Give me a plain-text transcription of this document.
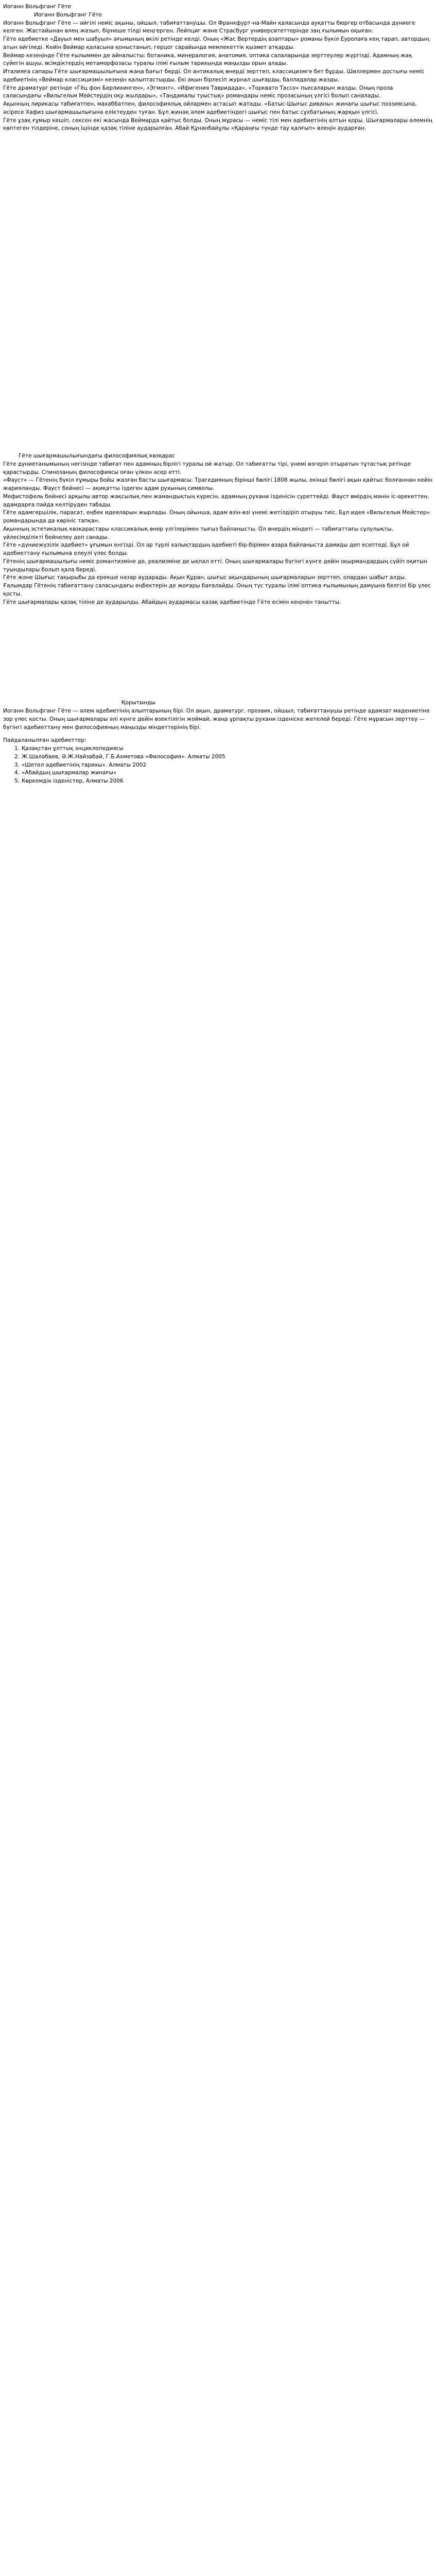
Иоганн Вольфганг Гёте
Иоганн Вольфганг Гёте
Иоганн Вольфганг Гёте — әйгілі неміс ақыны, ойшыл, табиғаттанушы. Ол Франкфурт-на-Майн қаласында ауқатты бюргер отбасында дүниеге келген. Жастайынан өлең жазып, бірнеше тілді меңгерген. Лейпциг және Страсбург университеттерінде заң ғылымын оқыған.
Гёте әдебиетке «Дауыл мен шабуыл» ағымының өкілі ретінде келді. Оның «Жас Вертердің азаптары» романы бүкіл Еуропаға кең тарап, автордың атын әйгіледі. Кейін Веймар қаласына қоныстанып, герцог сарайында мемлекеттік қызмет атқарды.
Веймар кезеңінде Гёте ғылыммен де айналысты: ботаника, минералогия, анатомия, оптика салаларында зерттеулер жүргізді. Адамның жақ сүйегін ашуы, өсімдіктердің метаморфозасы туралы ілімі ғылым тарихында маңызды орын алады.
Италияға сапары Гёте шығармашылығына жаңа бағыт берді. Ол антикалық өнерді зерттеп, классицизмге бет бұрды. Шиллермен достығы неміс әдебиетінің «Веймар классицизмі» кезеңін қалыптастырды. Екі ақын бірлесіп журнал шығарды, балладалар жазды.
Гёте драматург ретінде «Гёц фон Берлихинген», «Эгмонт», «Ифигения Тавридада», «Торквато Тассо» пьесаларын жазды. Оның проза саласындағы «Вильгельм Мейстердің оқу жылдары», «Таңдамалы туыстық» романдары неміс прозасының үлгісі болып саналады.
Ақынның лирикасы табиғатпен, махаббатпен, философиялық ойлармен астасып жатады. «Батыс-Шығыс диваны» жинағы шығыс поэзиясына, әсіресе Хафиз шығармашылығына еліктеуден туған. Бұл жинақ әлем әдебиетіндегі шығыс пен батыс сұхбатының жарқын үлгісі.
Гёте ұзақ ғұмыр кешіп, сексен екі жасында Веймарда қайтыс болды. Оның мұрасы — неміс тілі мен әдебиетінің алтын қоры. Шығармалары әлемнің көптеген тілдеріне, соның ішінде қазақ тіліне аударылған. Абай Құнанбайұлы «Қараңғы түнде тау қалғып» өлеңін аударған.
Гёте шығармашылығындағы философиялық көзқарас
Гёте дүниетанымының негізінде табиғат пен адамның бірлігі туралы ой жатыр. Ол табиғатты тірі, үнемі өзгеріп отыратын тұтастық ретінде қарастырды. Спинозаның философиясы оған үлкен әсер етті.
«Фауст» — Гётенің бүкіл ғұмыры бойы жазған басты шығармасы. Трагедияның бірінші бөлігі 1808 жылы, екінші бөлігі ақын қайтыс болғаннан кейін жарияланды. Фауст бейнесі — ақиқатты іздеген адам рухының символы.
Мефистофель бейнесі арқылы автор жақсылық пен жамандықтың күресін, адамның рухани ізденісін суреттейді. Фауст өмірдің мәнін іс-әрекеттен, адамдарға пайда келтіруден табады.
Гёте адамгершілік, парасат, еңбек идеяларын жырлады. Оның ойынша, адам өзін-өзі үнемі жетілдіріп отыруы тиіс. Бұл идея «Вильгельм Мейстер» романдарында да көрініс тапқан.
Ақынның эстетикалық көзқарастары классикалық өнер үлгілерімен тығыз байланысты. Ол өнердің міндеті — табиғаттағы сұлулықты, үйлесімділікті бейнелеу деп санады.
Гёте «дүниежүзілік әдебиет» ұғымын енгізді. Ол әр түрлі халықтардың әдебиеті бір-бірімен өзара байланыста дамиды деп есептеді. Бұл ой әдебиеттану ғылымына елеулі үлес болды.
Гётенің шығармашылығы неміс романтизміне де, реализміне де ықпал етті. Оның шығармалары бүгінгі күнге дейін оқырмандардың сүйіп оқитын туындылары болып қала береді.
Гёте және Шығыс тақырыбы да ерекше назар аударады. Ақын Құран, шығыс ақындарының шығармаларын зерттеп, олардан шабыт алды.
Ғалымдар Гётенің табиғаттану саласындағы еңбектерін де жоғары бағалайды. Оның түс туралы ілімі оптика ғылымының дамуына белгілі бір үлес қосты.
Гёте шығармалары қазақ тіліне де аударылды. Абайдың аудармасы қазақ әдебиетінде Гёте есімін кеңінен танытты.
Қорытынды
Иоганн Вольфганг Гёте — әлем әдебиетінің алыптарының бірі. Ол ақын, драматург, прозаик, ойшыл, табиғаттанушы ретінде адамзат мәдениетіне зор үлес қосты. Оның шығармалары әлі күнге дейін өзектілігін жоймай, жаңа ұрпақты рухани ізденіске жетелей береді. Гёте мұрасын зерттеу — бүгінгі әдебиеттану мен философияның маңызды міндеттерінің бірі.
Пайдаланылған әдебиеттер:
1. Қазақстан ұлттық энциклопедиясы
2. Ж.Шалабаев, Ә.Ж.Найзабай, Г.Б.Ахметова «Философия». Алматы 2005
3. «Шетел әдебиетінің тарихы». Алматы 2002
4. «Абайдың шығармалар жинағы»
5. Көркемдік ізденістер, Алматы 2006
